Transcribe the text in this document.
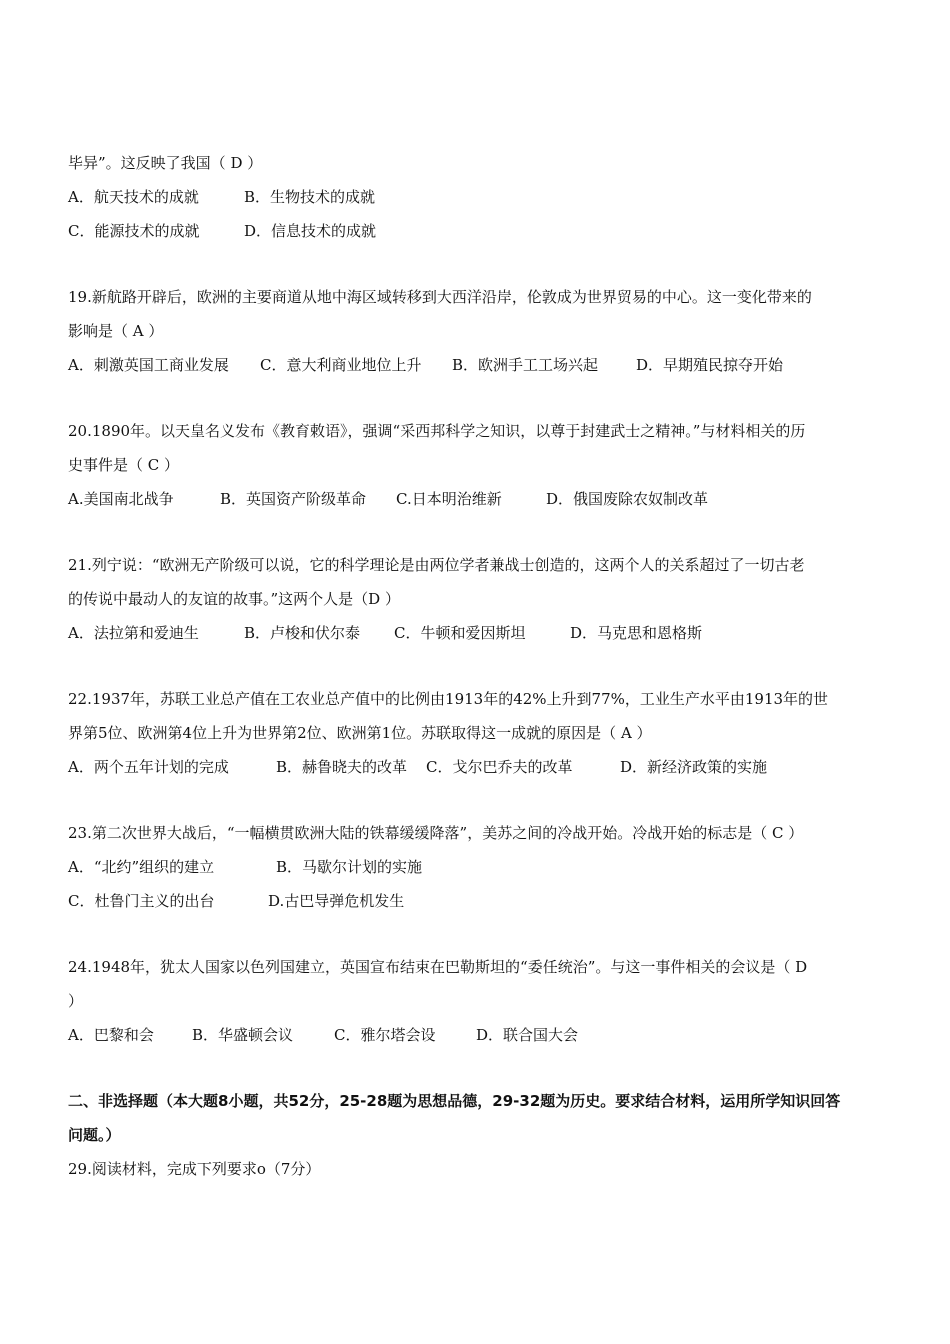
毕异”。这反映了我国（ D ）
A．航天技术的成就	B．生物技术的成就
C．能源技术的成就	D．信息技术的成就
19.新航路开辟后，欧洲的主要商道从地中海区域转移到大西洋沿岸，伦敦成为世界贸易的中心。这一变化带来的
影响是（ A ）
A．刺激英国工商业发展 C．意大利商业地位上升 B．欧洲手工工场兴起	D．早期殖民掠夺开始
20.1890年。以天皇名义发布《教育敕语》，强调“采西邦科学之知识，以尊于封建武士之精神。”与材料相关的历
史事件是（ C ）
A.美国南北战争	B．英国资产阶级革命 C.日本明治维新	D．俄国废除农奴制改革
21.列宁说：“欧洲无产阶级可以说，它的科学理论是由两位学者兼战士创造的，这两个人的关系超过了一切古老
的传说中最动人的友谊的故事。”这两个人是（D ）
A．法拉第和爱迪生	B．卢梭和伏尔泰 C．牛顿和爱因斯坦	D．马克思和恩格斯
22.1937年，苏联工业总产值在工农业总产值中的比例由1913年的42%上升到77%，工业生产水平由1913年的世
界第5位、欧洲第4位上升为世界第2位、欧洲第1位。苏联取得这一成就的原因是（ A ）
A．两个五年计划的完成	B．赫鲁晓夫的改革 C．戈尔巴乔夫的改革	D．新经济政策的实施
23.第二次世界大战后，“一幅横贯欧洲大陆的铁幕缓缓降落”，美苏之间的冷战开始。冷战开始的标志是（ C ）
A．“北约”组织的建立	B．马歇尔计划的实施
C．杜鲁门主义的出台	D.古巴导弹危机发生
24.1948年，犹太人国家以色列国建立，英国宣布结束在巴勒斯坦的“委任统治”。与这一事件相关的会议是（ D
）
A．巴黎和会	B．华盛顿会议	C．雅尔塔会设	D．联合国大会
二、非选择题（本大题8小题，共52分，25-28题为思想品德，29-32题为历史。要求结合材料，运用所学知识回答
问题。）
29.阅读材料，完成下列要求o（7分）
